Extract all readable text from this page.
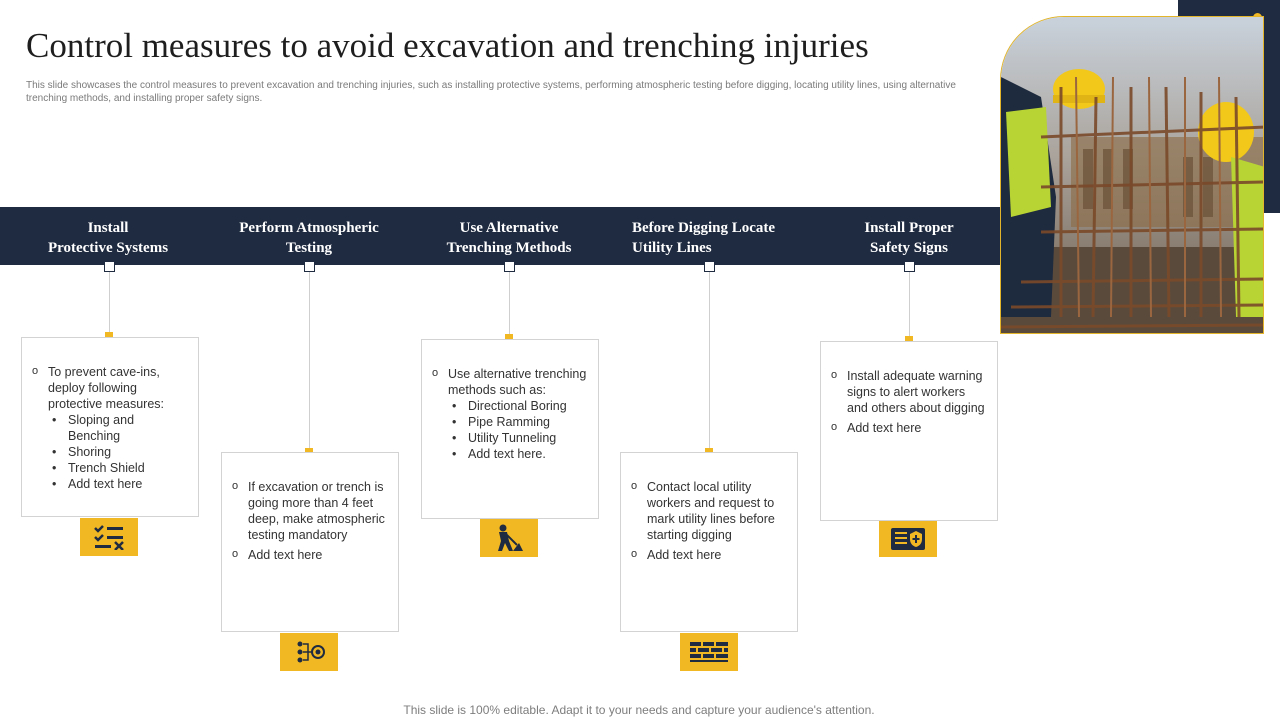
Control measures to avoid excavation and trenching injuries
This slide showcases the control measures to prevent excavation and trenching injuries, such as installing protective systems, performing atmospheric testing before digging, locating utility lines, using alternative trenching methods, and installing proper safety signs.
Install
Protective Systems
o To prevent cave-ins, deploy following protective measures:
• Sloping and Benching
• Shoring
• Trench Shield
• Add text here
Perform Atmospheric
Testing
o If excavation or trench is going more than 4 feet deep, make atmospheric testing mandatory
o Add text here
Use Alternative
Trenching Methods
o Use alternative trenching methods such as:
• Directional Boring
• Pipe Ramming
• Utility Tunneling
• Add text here.
Before Digging Locate
Utility Lines
o Contact local utility workers and request to mark utility lines before starting digging
o Add text here
Install Proper
Safety Signs
o Install adequate warning signs to alert workers and others about digging
o Add text here
This slide is 100% editable. Adapt it to your needs and capture your audience's attention.
